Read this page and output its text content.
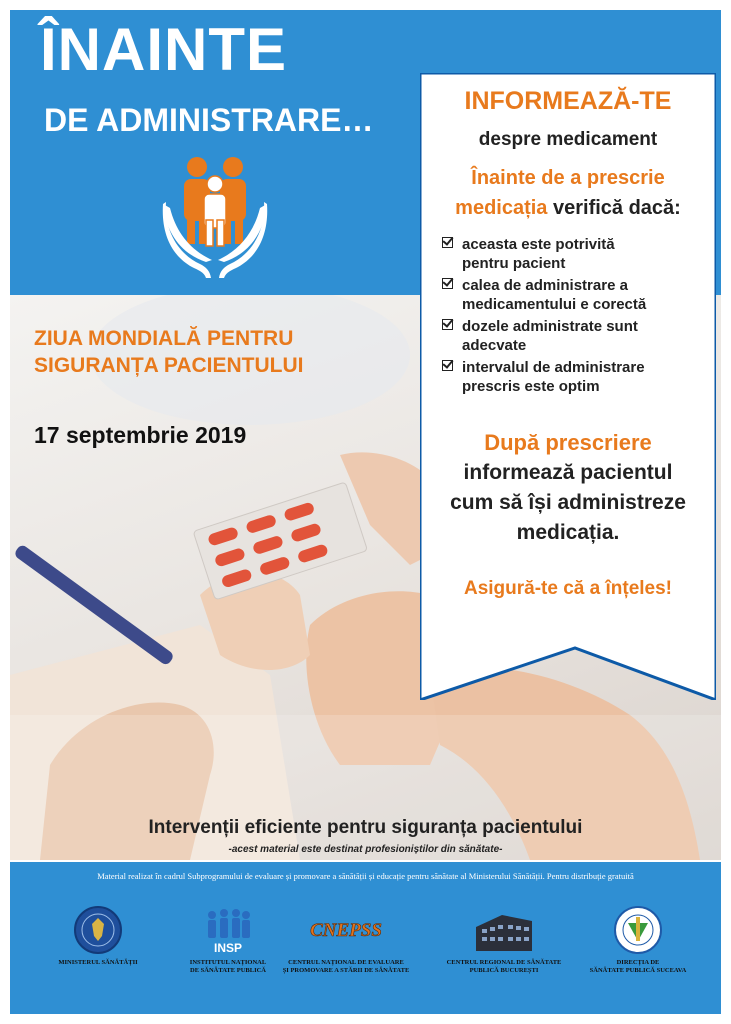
ÎNAINTE
DE ADMINISTRARE…
ZIUA MONDIALĂ PENTRU
SIGURANȚA PACIENTULUI
17 septembrie 2019
INFORMEAZĂ-TE
despre medicament
Înainte de a prescrie
medicația verifică dacă:
aceasta este potrivită
pentru pacient
calea de administrare a
medicamentului e corectă
dozele administrate sunt
adecvate
intervalul de administrare
prescris este optim
După prescriere
informează pacientul
cum să își administreze
medicația.
Asigură-te că a înțeles!
Intervenții eficiente pentru siguranța pacientului
-acest material este destinat profesioniștilor din sănătate-
Material realizat în cadrul Subprogramului de evaluare și promovare a sănătății și educație pentru sănătate al Ministerului Sănătății. Pentru distribuție gratuită
MINISTERUL SĂNĂTĂȚII
INSP
INSTITUTUL NAȚIONAL
DE SĂNĂTATE PUBLICĂ
CNEPSS
CENTRUL NAȚIONAL DE EVALUARE
ȘI PROMOVARE A STĂRII DE SĂNĂTATE
CENTRUL REGIONAL DE SĂNĂTATE
PUBLICĂ BUCUREȘTI
DIRECȚIA DE
SĂNĂTATE PUBLICĂ SUCEAVA
